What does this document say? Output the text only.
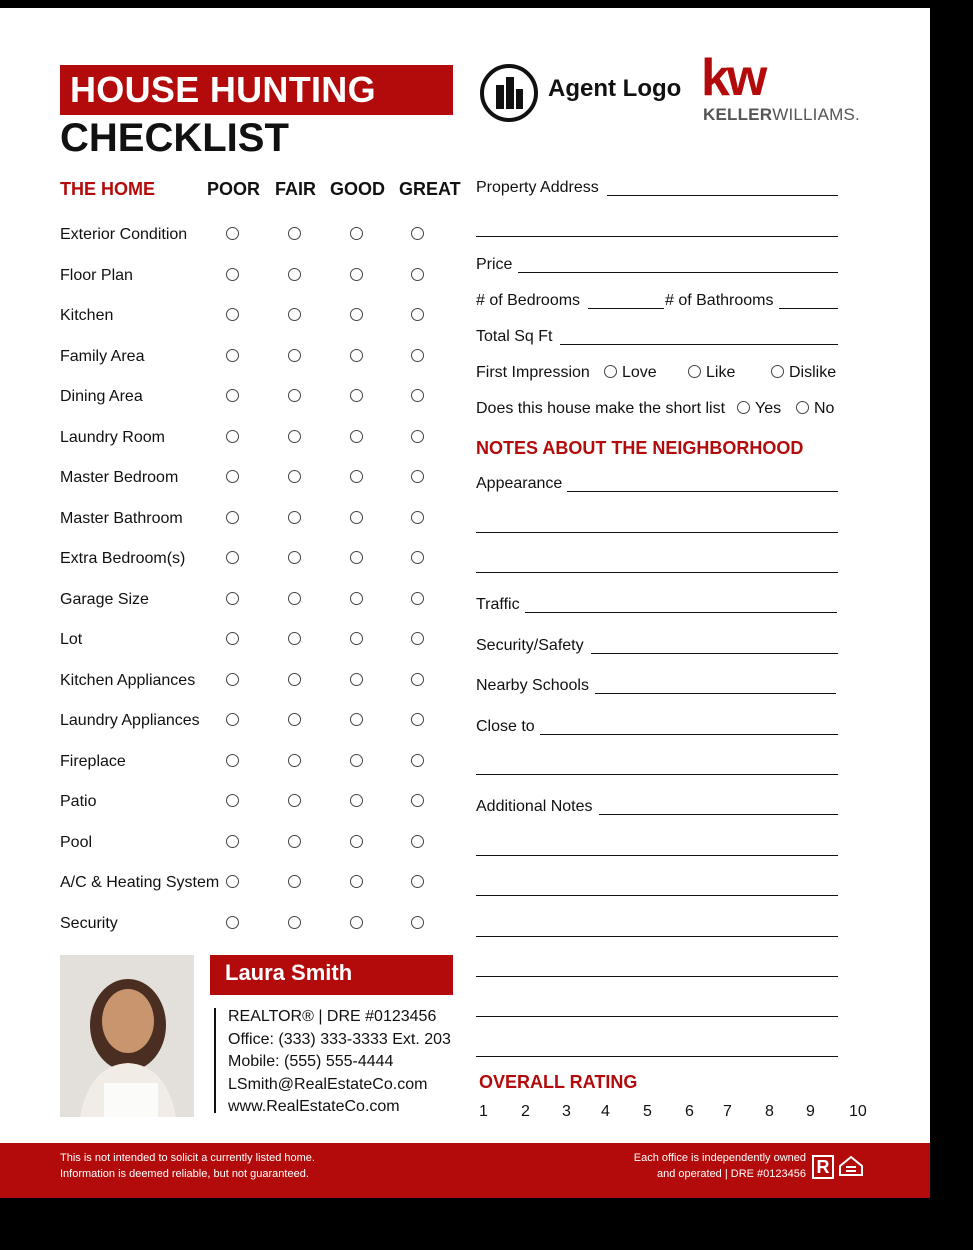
HOUSE HUNTING
CHECKLIST
Agent Logo kw
KELLERWILLIAMS.
THE HOME	POOR FAIR GOOD GREAT
Exterior Condition
Floor Plan
Kitchen
Family Area
Dining Area
Laundry Room
Master Bedroom
Master Bathroom
Extra Bedroom(s)
Garage Size
Lot
Kitchen Appliances
Laundry Appliances
Fireplace
Patio
Pool
A/C & Heating System
Security
Property Address
Price
# of Bedrooms	# of Bathrooms
Total Sq Ft
First Impression	Love	Like	Dislike
Does this house make the short list	Yes	No
NOTES ABOUT THE NEIGHBORHOOD
Appearance
Traffic
Security/Safety
Nearby Schools
Close to
Additional Notes
OVERALL RATING
1 2 3 4 5 6 7 8 9 10
Laura Smith
REALTOR® | DRE #0123456
Office: (333) 333-3333 Ext. 203
Mobile: (555) 555-4444
LSmith@RealEstateCo.com
www.RealEstateCo.com
This is not intended to solicit a currently listed home.
Information is deemed reliable, but not guaranteed.
Each office is independently owned
and operated | DRE #0123456 R
